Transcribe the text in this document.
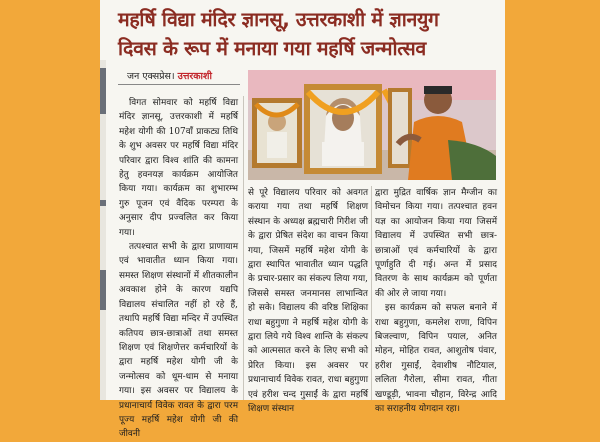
महर्षि विद्या मंदिर ज्ञानसू, उत्तरकाशी में ज्ञानयुग
दिवस के रूप में मनाया गया महर्षि जन्मोत्सव
जन एक्सप्रेस। उत्तरकाशी

विगत सोमवार को महर्षि विद्या मंदिर ज्ञानसू, उत्तरकाशी में महर्षि महेश योगी की 107वाँ प्राकट्य तिथि के शुभ अवसर पर महर्षि विद्या मंदिर परिवार द्वारा विश्व शांति की कामना हेतु हवनयज्ञ कार्यक्रम आयोजित किया गया। कार्यक्रम का शुभारम्भ गुरु पूजन एवं वैदिक परम्परा के अनुसार दीप प्रज्वलित कर किया गया।

तत्पश्चात सभी के द्वारा प्राणायाम एवं भावातीत ध्यान किया गया। समस्त शिक्षण संस्थानों में शीतकालीन अवकाश होने के कारण यद्यपि विद्यालय संचालित नहीं हो रहे हैं, तथापि महर्षि विद्या मन्दिर में उपस्थित कतिपय छात्र-छात्राओं तथा समस्त शिक्षण एवं शिक्षणेत्तर कर्मचारियों के द्वारा महर्षि महेश योगी जी के जन्मोत्सव को धूम-धाम से मनाया गया। इस अवसर पर विद्यालय के प्रधानाचार्य विवेक रावत के द्वारा परम पूज्य महर्षि महेश योगी जी की जीवनी

से पूरे विद्यालय परिवार को अवगत कराया गया तथा महर्षि शिक्षण संस्थान के अध्यक्ष ब्रह्मचारी गिरीश जी के द्वारा प्रेषित संदेश का वाचन किया गया, जिसमें महर्षि महेश योगी के द्वारा स्थापित भावातीत ध्यान पद्धति के प्रचार-प्रसार का संकल्प लिया गया, जिससे समस्त जनमानस लाभान्वित हो सके। विद्यालय की वरिष्ठ शिक्षिका राधा बहुगुणा ने महर्षि महेश योगी के द्वारा लिये गये विश्व शान्ति के संकल्प को आत्मसात करने के लिए सभी को प्रेरित किया। इस अवसर पर प्रधानाचार्य विवेक रावत, राधा बहुगुणा एवं हरीश चन्द गुसाईं के द्वारा महर्षि शिक्षण संस्थान

द्वारा मुद्रित वार्षिक ज्ञान मैग्जीन का विमोचन किया गया। तत्पश्चात हवन यज्ञ का आयोजन किया गया जिसमें विद्यालय में उपस्थित सभी छात्र-छात्राओं एवं कर्मचारियों के द्वारा पूर्णाहुति दी गई। अन्त में प्रसाद वितरण के साथ कार्यक्रम को पूर्णता की ओर ले जाया गया।

इस कार्यक्रम को सफल बनाने में राधा बहुगुणा, कमलेश राणा, विपिन बिजल्वाण, विपिन पयाल, अनित मोहन, मोहित रावत, आशुतोष पंवार, हरीश गुसाईं, देवाशीष नौटियाल, ललिता गैरोला, सीमा रावत, गीता खण्डूड़ी, भावना चौहान, विरेन्द्र आदि का सराहनीय योगदान रहा।
